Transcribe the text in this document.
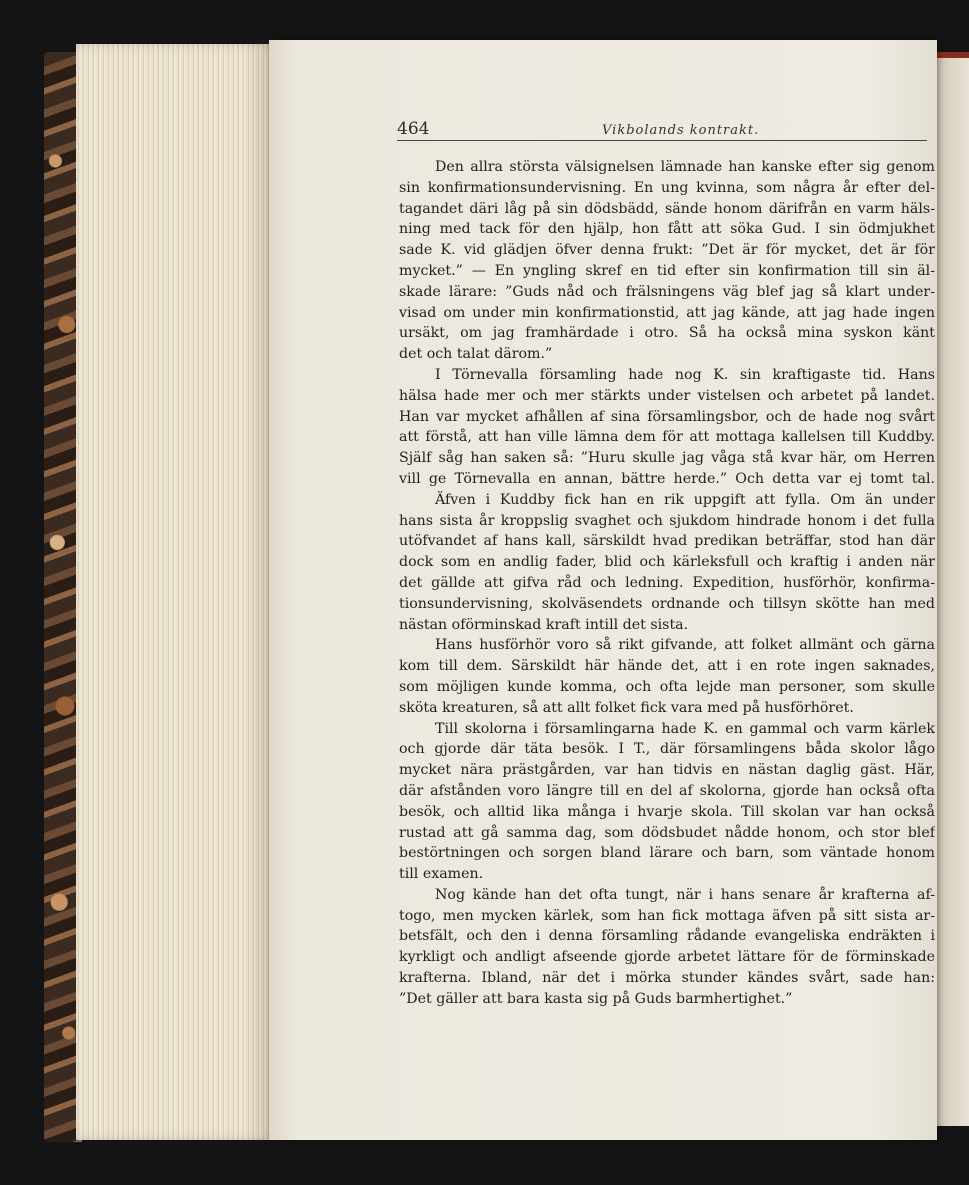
464	Vikbolands kontrakt.
Den allra största välsignelsen lämnade han kanske efter sig genom
sin konfirmationsundervisning. En ung kvinna, som några år efter del-
tagandet däri låg på sin dödsbädd, sände honom därifrån en varm häls-
ning med tack för den hjälp, hon fått att söka Gud. I sin ödmjukhet
sade K. vid glädjen öfver denna frukt: ”Det är för mycket, det är för
mycket.” — En yngling skref en tid efter sin konfirmation till sin äl-
skade lärare: ”Guds nåd och frälsningens väg blef jag så klart under-
visad om under min konfirmationstid, att jag kände, att jag hade ingen
ursäkt, om jag framhärdade i otro. Så ha också mina syskon känt
det och talat därom.”
I Törnevalla församling hade nog K. sin kraftigaste tid. Hans
hälsa hade mer och mer stärkts under vistelsen och arbetet på landet.
Han var mycket afhållen af sina församlingsbor, och de hade nog svårt
att förstå, att han ville lämna dem för att mottaga kallelsen till Kuddby.
Själf såg han saken så: ”Huru skulle jag våga stå kvar här, om Herren
vill ge Törnevalla en annan, bättre herde.” Och detta var ej tomt tal.
Äfven i Kuddby fick han en rik uppgift att fylla. Om än under
hans sista år kroppslig svaghet och sjukdom hindrade honom i det fulla
utöfvandet af hans kall, särskildt hvad predikan beträffar, stod han där
dock som en andlig fader, blid och kärleksfull och kraftig i anden när
det gällde att gifva råd och ledning. Expedition, husförhör, konfirma-
tionsundervisning, skolväsendets ordnande och tillsyn skötte han med
nästan oförminskad kraft intill det sista.
Hans husförhör voro så rikt gifvande, att folket allmänt och gärna
kom till dem. Särskildt här hände det, att i en rote ingen saknades,
som möjligen kunde komma, och ofta lejde man personer, som skulle
sköta kreaturen, så att allt folket fick vara med på husförhöret.
Till skolorna i församlingarna hade K. en gammal och varm kärlek
och gjorde där täta besök. I T., där församlingens båda skolor lågo
mycket nära prästgården, var han tidvis en nästan daglig gäst. Här,
där afstånden voro längre till en del af skolorna, gjorde han också ofta
besök, och alltid lika många i hvarje skola. Till skolan var han också
rustad att gå samma dag, som dödsbudet nådde honom, och stor blef
bestörtningen och sorgen bland lärare och barn, som väntade honom
till examen.
Nog kände han det ofta tungt, när i hans senare år krafterna af-
togo, men mycken kärlek, som han fick mottaga äfven på sitt sista ar-
betsfält, och den i denna församling rådande evangeliska endräkten i
kyrkligt och andligt afseende gjorde arbetet lättare för de förminskade
krafterna. Ibland, när det i mörka stunder kändes svårt, sade han:
”Det gäller att bara kasta sig på Guds barmhertighet.”
